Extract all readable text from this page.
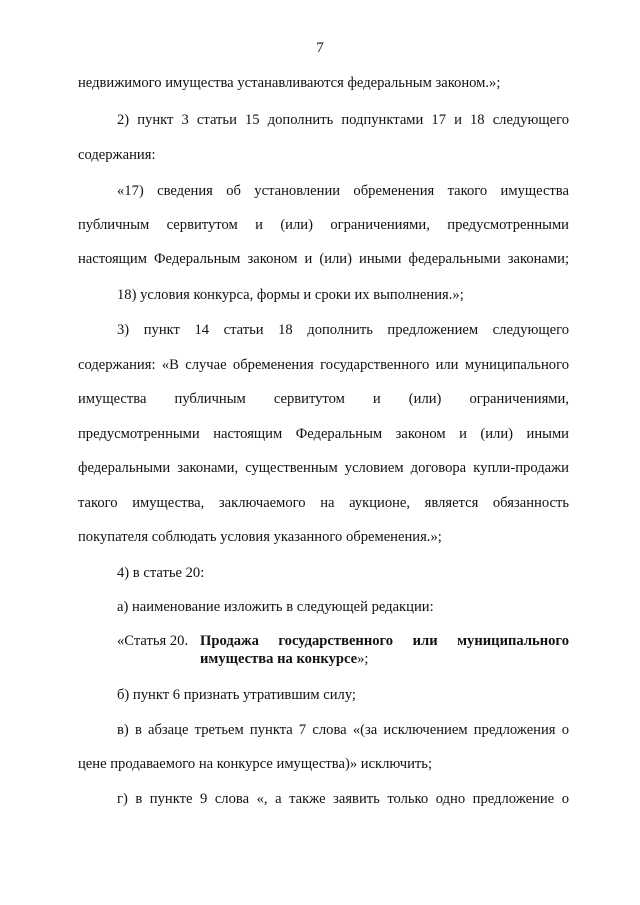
7
недвижимого имущества устанавливаются федеральным законом.»;
2) пункт 3 статьи 15 дополнить подпунктами 17 и 18 следующего
содержания:
«17) сведения об установлении обременения такого имущества
публичным сервитутом и (или) ограничениями, предусмотренными
настоящим Федеральным законом и (или) иными федеральными законами;
18) условия конкурса, формы и сроки их выполнения.»;
3) пункт 14 статьи 18 дополнить предложением следующего
содержания: «В случае обременения государственного или муниципального
имущества публичным сервитутом и (или) ограничениями,
предусмотренными настоящим Федеральным законом и (или) иными
федеральными законами, существенным условием договора купли-продажи
такого имущества, заключаемого на аукционе, является обязанность
покупателя соблюдать условия указанного обременения.»;
4) в статье 20:
а) наименование изложить в следующей редакции:
«Статья 20. Продажа государственного или муниципального
имущества на конкурсе»;
б) пункт 6 признать утратившим силу;
в) в абзаце третьем пункта 7 слова «(за исключением предложения о
цене продаваемого на конкурсе имущества)» исключить;
г) в пункте 9 слова «, а также заявить только одно предложение о
